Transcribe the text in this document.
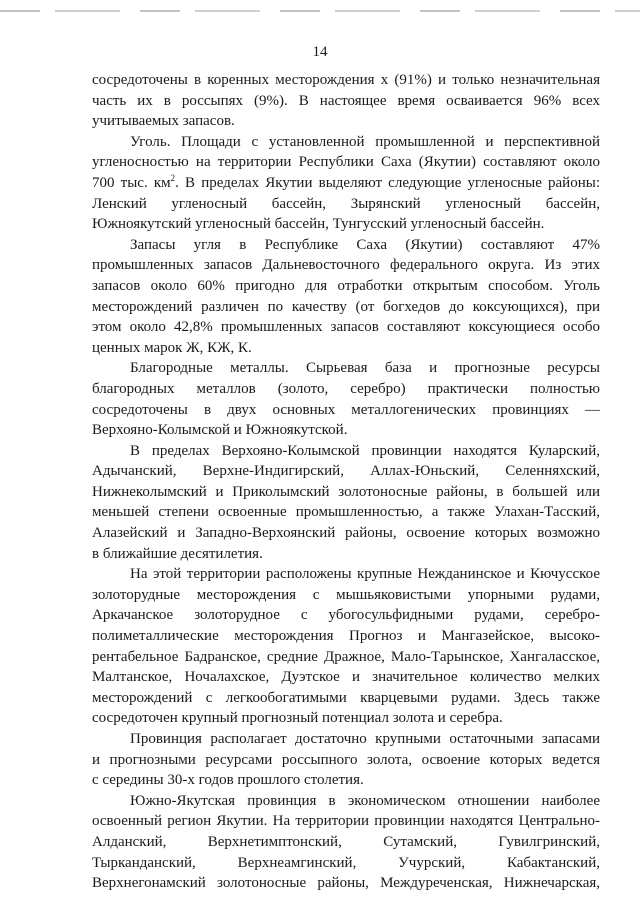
14

сосредоточены в коренных месторождения х (91%) и только незначительная
часть их в россыпях (9%). В настоящее время осваивается 96% всех
учитываемых запасов.

Уголь. Площади с установленной промышленной и перспективной
угленосностью на территории Республики Саха (Якутии) составляют около
700 тыс. $км^2$. В пределах Якутии выделяют следующие угленосные районы:
Ленский угленосный бассейн, Зырянский угленосный бассейн,
Южноякутский угленосный бассейн, Тунгусский угленосный бассейн.

Запасы угля в Республике Саха (Якутии) составляют 47%
промышленных запасов Дальневосточного федерального округа. Из этих
запасов около 60% пригодно для отработки открытым способом. Уголь
месторождений различен по качеству (от богхедов до коксующихся), при
этом около 42,8% промышленных запасов составляют коксующиеся особо
ценных марок Ж, КЖ, К.

Благородные металлы. Сырьевая база и прогнозные ресурсы
благородных металлов (золото, серебро) практически полностью
сосредоточены в двух основных металлогенических провинциях —
Верхояно-Колымской и Южноякутской.

В пределах Верхояно-Колымской провинции находятся Куларский,
Адычанский, Верхне-Индигирский, Аллах-Юньский, Селенняхский,
Нижнеколымский и Приколымский золотоносные районы, в большей или
меньшей степени освоенные промышленностью, а также Улахан-Тасский,
Алазейский и Западно-Верхоянский районы, освоение которых возможно
в ближайшие десятилетия.

На этой территории расположены крупные Нежданинское и Кючусское
золоторудные месторождения с мышьяковистыми упорными рудами,
Аркачанское золоторудное с убогосульфидными рудами, серебро-
полиметаллические месторождения Прогноз и Мангазейское, высоко-
рентабельное Бадранское, средние Дражное, Мало-Тарынское, Хангаласское,
Малтанское, Ночалахское, Дуэтское и значительное количество мелких
месторождений с легкообогатимыми кварцевыми рудами. Здесь также
сосредоточен крупный прогнозный потенциал золота и серебра.

Провинция располагает достаточно крупными остаточными запасами
и прогнозными ресурсами россыпного золота, освоение которых ведется
с середины 30-х годов прошлого столетия.

Южно-Якутская провинция в экономическом отношении наиболее
освоенный регион Якутии. На территории провинции находятся Центрально-
Алданский, Верхнетимптонский, Сутамский, Гувилгринский,
Тырканданский, Верхнеамгинский, Учурский, Кабактанский,
Верхнегонамский золотоносные районы, Междуреченская, Нижнечарская,
